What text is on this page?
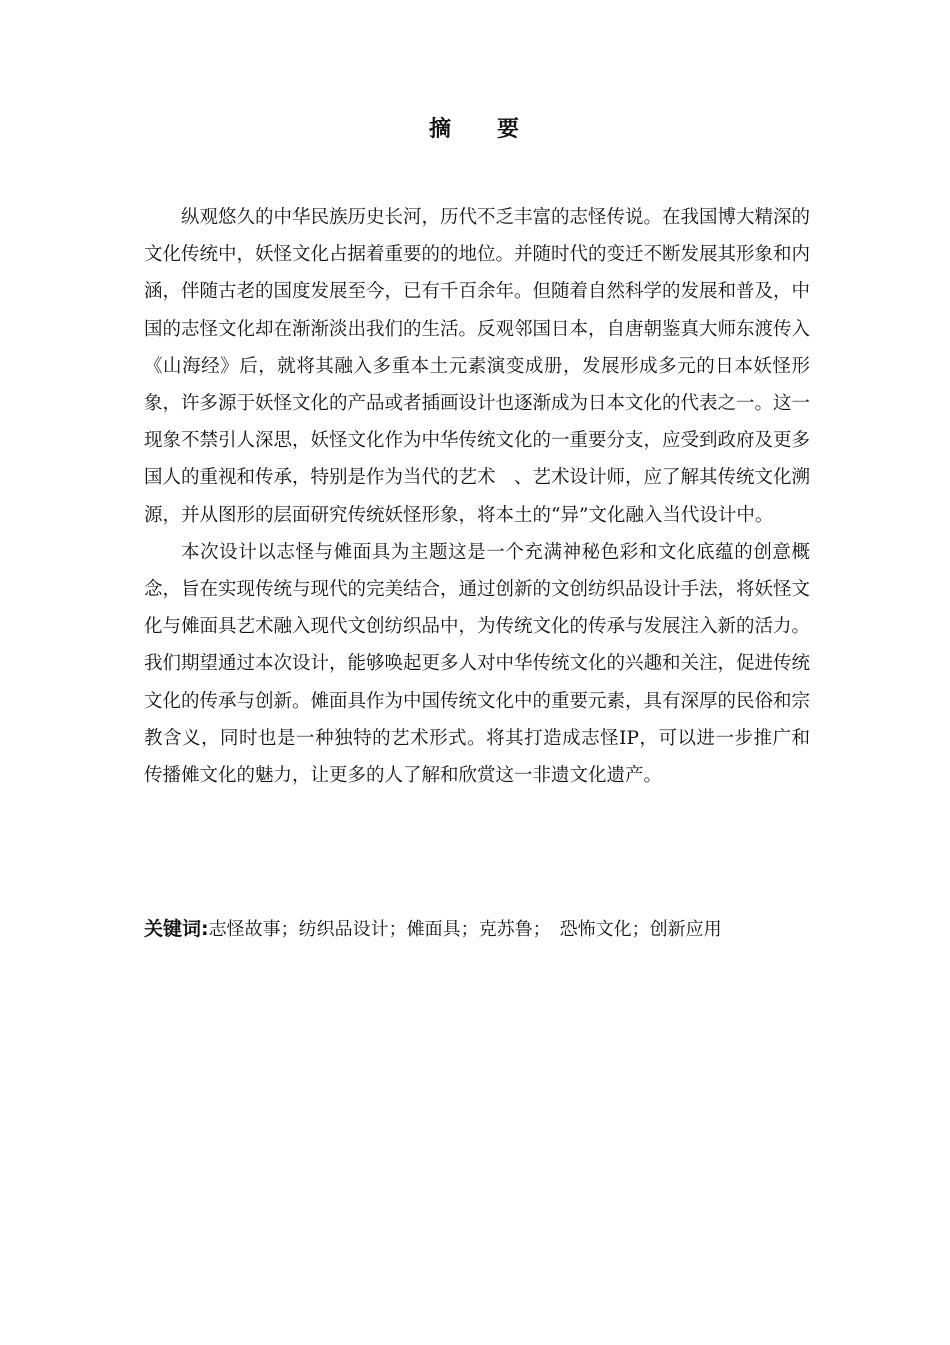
摘 要

纵观悠久的中华民族历史长河，历代不乏丰富的志怪传说。在我国博大精深的文化传统中，妖怪文化占据着重要的的地位。并随时代的变迁不断发展其形象和内涵，伴随古老的国度发展至今，已有千百余年。但随着自然科学的发展和普及，中国的志怪文化却在渐渐淡出我们的生活。反观邻国日本，自唐朝鉴真大师东渡传入《山海经》后，就将其融入多重本土元素演变成册，发展形成多元的日本妖怪形象，许多源于妖怪文化的产品或者插画设计也逐渐成为日本文化的代表之一。这一现象不禁引人深思，妖怪文化作为中华传统文化的一重要分支，应受到政府及更多国人的重视和传承，特别是作为当代的艺术　、艺术设计师，应了解其传统文化溯源，并从图形的层面研究传统妖怪形象，将本土的“异”文化融入当代设计中。

本次设计以志怪与傩面具为主题这是一个充满神秘色彩和文化底蕴的创意概念，旨在实现传统与现代的完美结合，通过创新的文创纺织品设计手法，将妖怪文化与傩面具艺术融入现代文创纺织品中，为传统文化的传承与发展注入新的活力。我们期望通过本次设计，能够唤起更多人对中华传统文化的兴趣和关注，促进传统文化的传承与创新。傩面具作为中国传统文化中的重要元素，具有深厚的民俗和宗教含义，同时也是一种独特的艺术形式。将其打造成志怪IP，可以进一步推广和传播傩文化的魅力，让更多的人了解和欣赏这一非遗文化遗产。

关键词:志怪故事；纺织品设计；傩面具；克苏鲁；　恐怖文化；创新应用
